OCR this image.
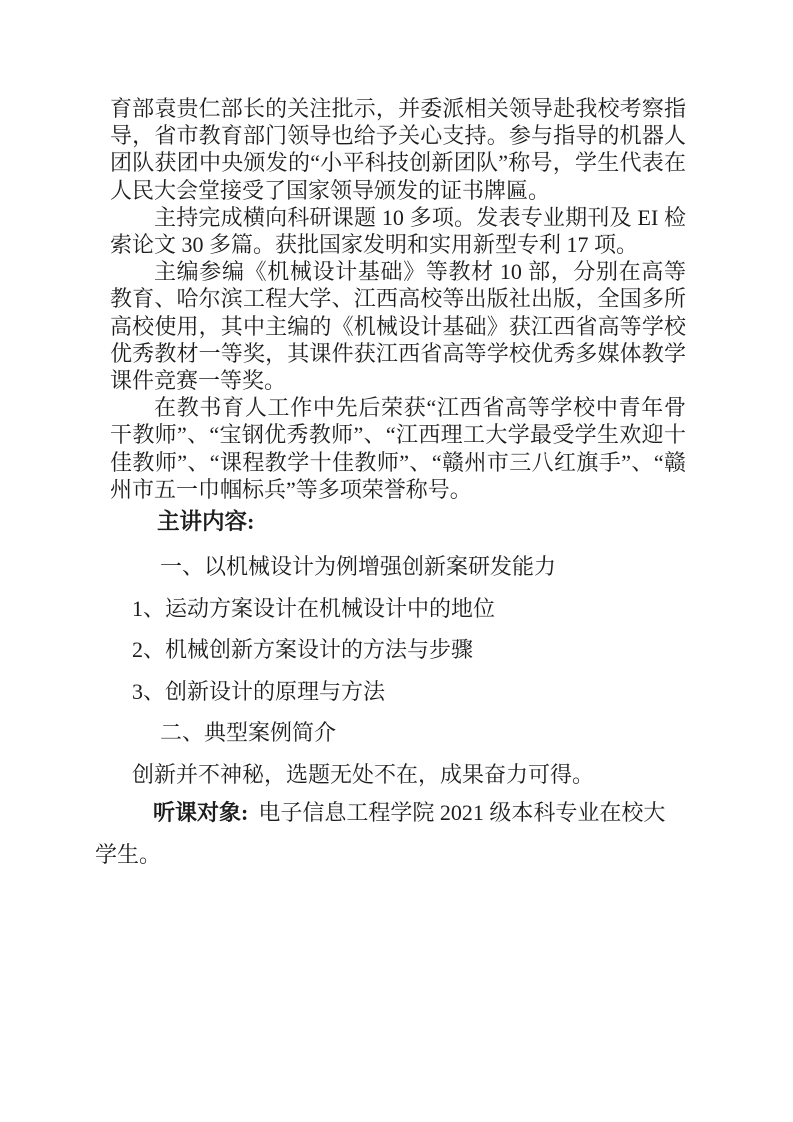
育部袁贵仁部长的关注批示，并委派相关领导赴我校考察指导，省市教育部门领导也给予关心支持。参与指导的机器人团队获团中央颁发的“小平科技创新团队”称号，学生代表在人民大会堂接受了国家领导颁发的证书牌匾。

主持完成横向科研课题 10 多项。发表专业期刊及 EI 检索论文 30 多篇。获批国家发明和实用新型专利 17 项。

主编参编《机械设计基础》等教材 10 部，分别在高等教育、哈尔滨工程大学、江西高校等出版社出版，全国多所高校使用，其中主编的《机械设计基础》获江西省高等学校优秀教材一等奖，其课件获江西省高等学校优秀多媒体教学课件竞赛一等奖。

在教书育人工作中先后荣获“江西省高等学校中青年骨干教师”、“宝钢优秀教师”、“江西理工大学最受学生欢迎十佳教师”、“课程教学十佳教师”、“赣州市三八红旗手”、“赣州市五一巾帼标兵”等多项荣誉称号。

主讲内容:

一、以机械设计为例增强创新案研发能力

1、运动方案设计在机械设计中的地位

2、机械创新方案设计的方法与步骤

3、创新设计的原理与方法

二、典型案例简介

创新并不神秘，选题无处不在，成果奋力可得。

听课对象: 电子信息工程学院 2021 级本科专业在校大学生。
